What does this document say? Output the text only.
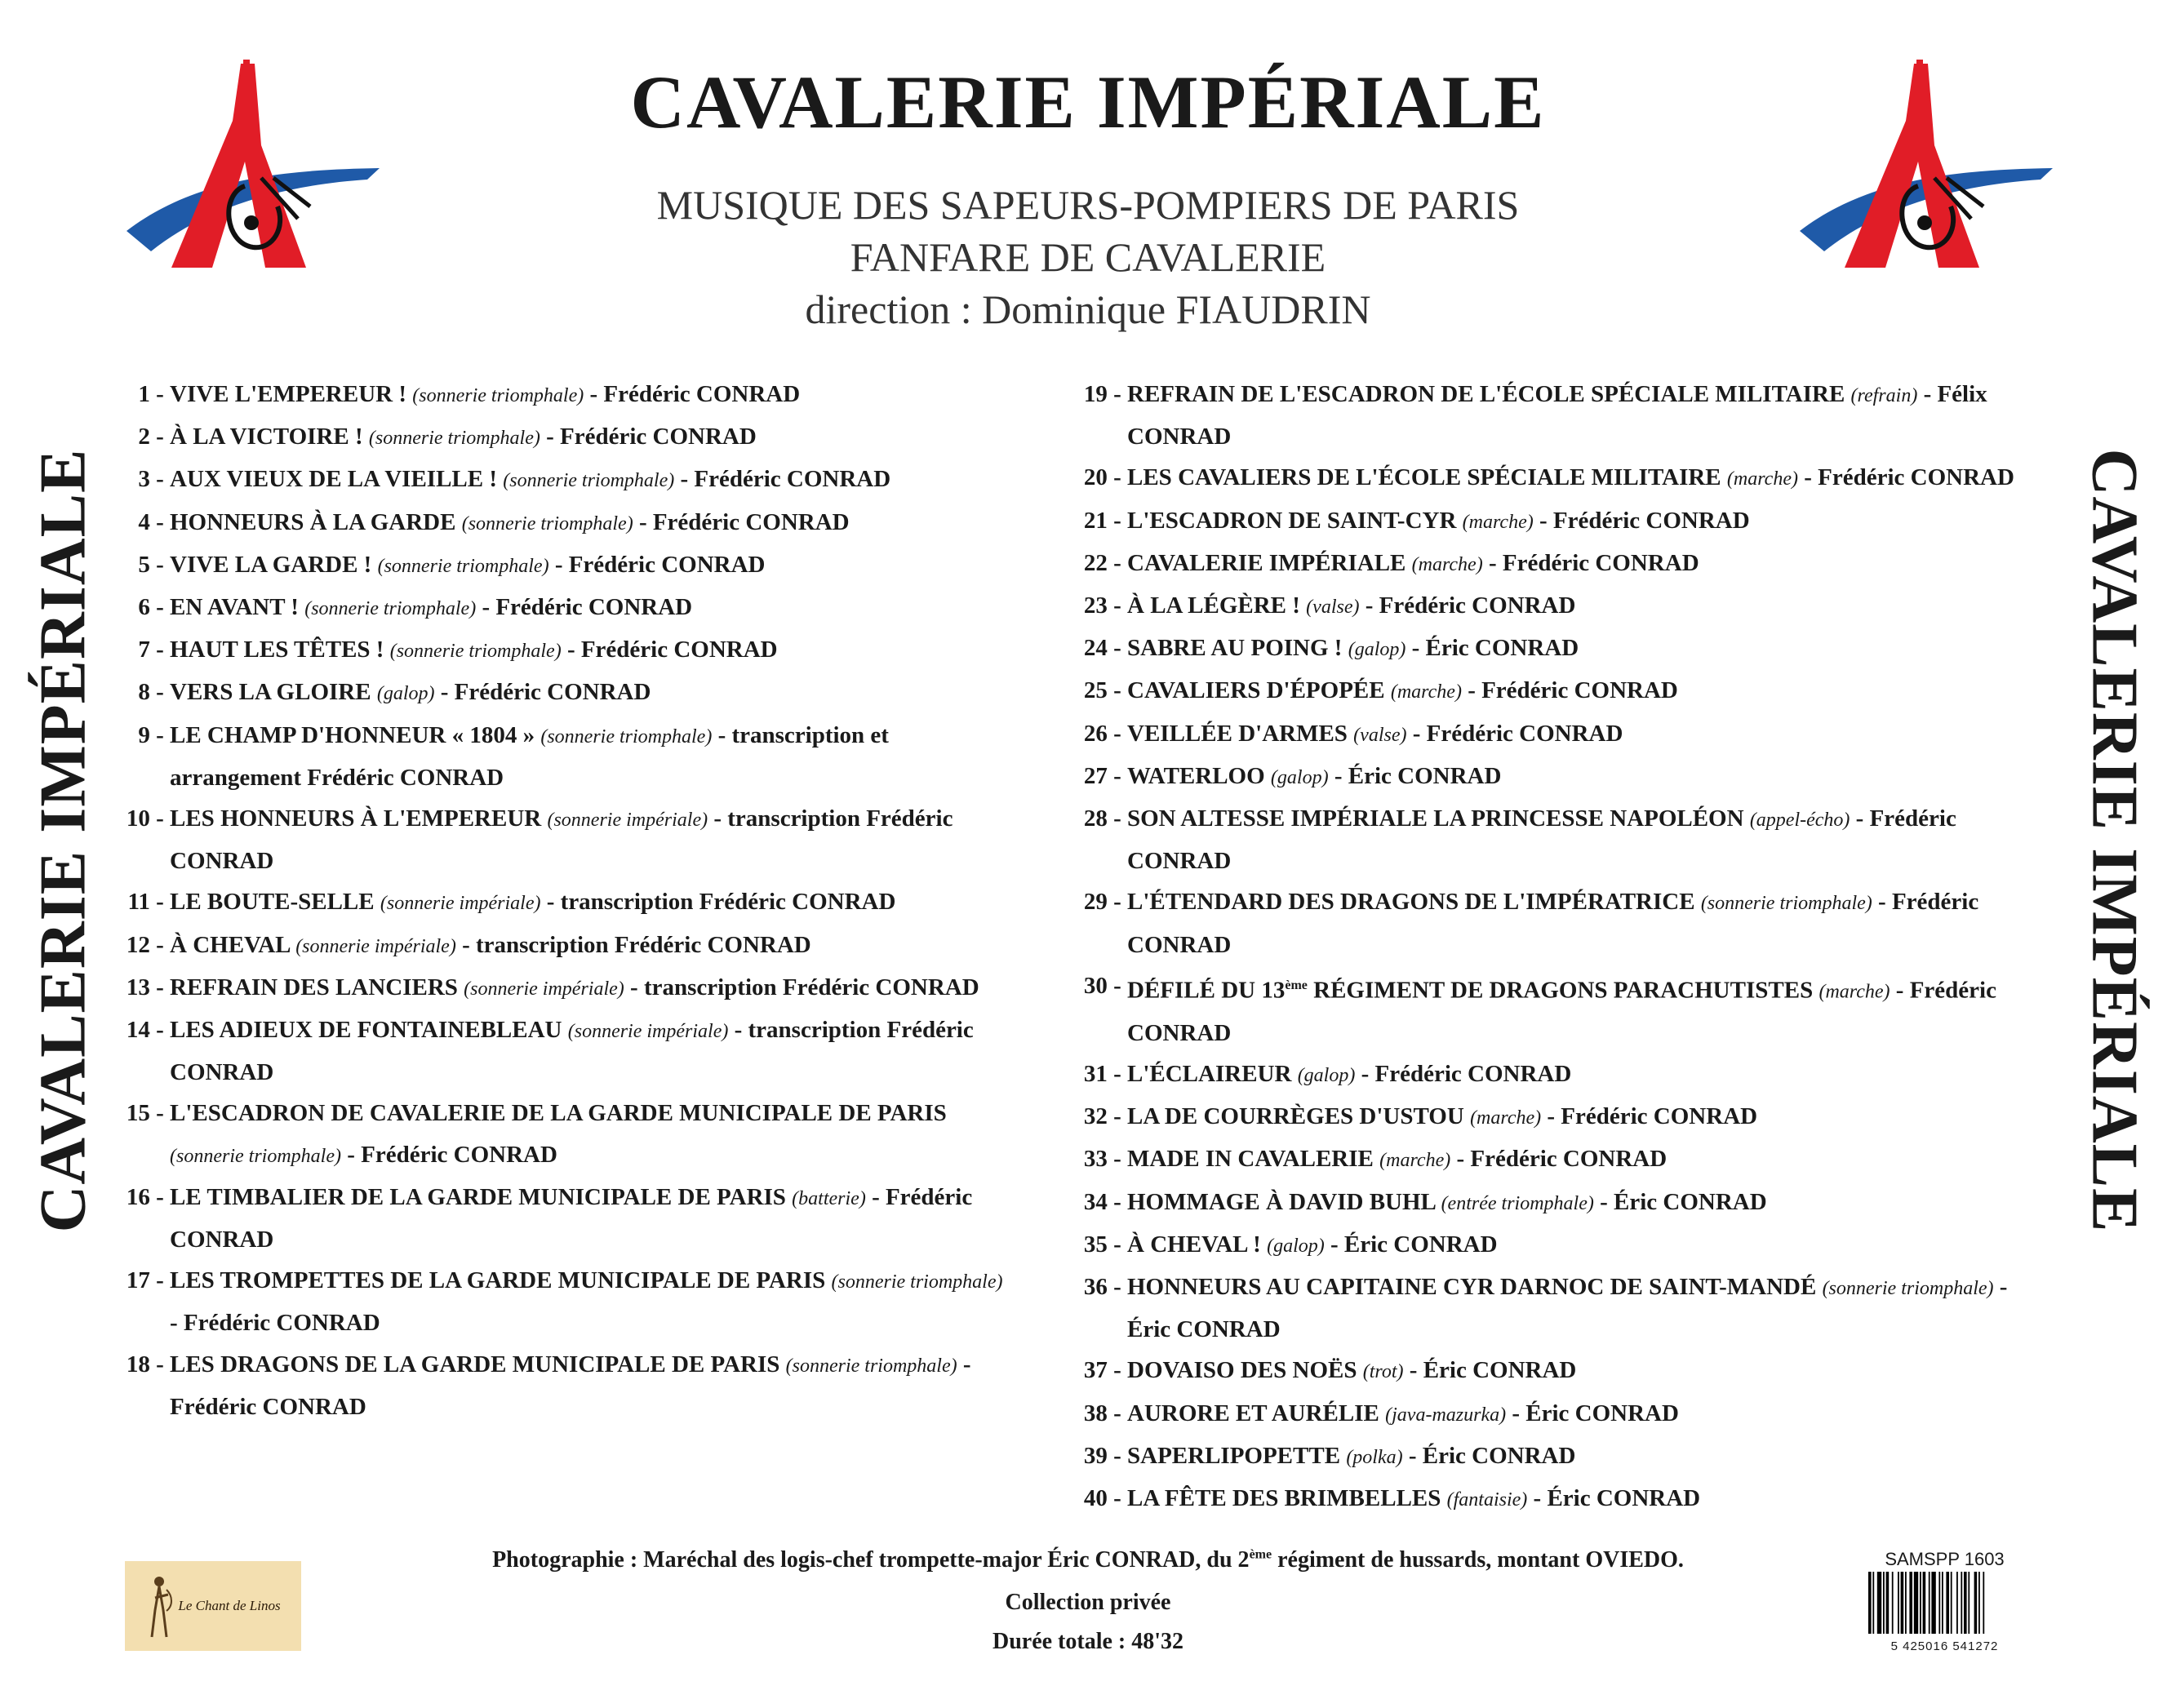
CAVALERIE IMPÉRIALE
MUSIQUE DES SAPEURS-POMPIERS DE PARIS
FANFARE DE CAVALERIE
direction : Dominique FIAUDRIN
CAVALERIE IMPÉRIALE	CAVALERIE IMPÉRIALE
1 - VIVE L'EMPEREUR ! (sonnerie triomphale) - Frédéric CONRAD
2 - À LA VICTOIRE ! (sonnerie triomphale) - Frédéric CONRAD
3 - AUX VIEUX DE LA VIEILLE ! (sonnerie triomphale) - Frédéric CONRAD
4 - HONNEURS À LA GARDE (sonnerie triomphale) - Frédéric CONRAD
5 - VIVE LA GARDE ! (sonnerie triomphale) - Frédéric CONRAD
6 - EN AVANT ! (sonnerie triomphale) - Frédéric CONRAD
7 - HAUT LES TÊTES ! (sonnerie triomphale) - Frédéric CONRAD
8 - VERS LA GLOIRE (galop) - Frédéric CONRAD
9 - LE CHAMP D'HONNEUR « 1804 » (sonnerie triomphale) - transcription et arrangement Frédéric CONRAD
10 - LES HONNEURS À L'EMPEREUR (sonnerie impériale) - transcription Frédéric CONRAD
11 - LE BOUTE-SELLE (sonnerie impériale) - transcription Frédéric CONRAD
12 - À CHEVAL (sonnerie impériale) - transcription Frédéric CONRAD
13 - REFRAIN DES LANCIERS (sonnerie impériale) - transcription Frédéric CONRAD
14 - LES ADIEUX DE FONTAINEBLEAU (sonnerie impériale) - transcription Frédéric CONRAD
15 - L'ESCADRON DE CAVALERIE DE LA GARDE MUNICIPALE DE PARIS (sonnerie triomphale) - Frédéric CONRAD
16 - LE TIMBALIER DE LA GARDE MUNICIPALE DE PARIS (batterie) - Frédéric CONRAD
17 - LES TROMPETTES DE LA GARDE MUNICIPALE DE PARIS (sonnerie triomphale) - Frédéric CONRAD
18 - LES DRAGONS DE LA GARDE MUNICIPALE DE PARIS (sonnerie triomphale) - Frédéric CONRAD
19 - REFRAIN DE L'ESCADRON DE L'ÉCOLE SPÉCIALE MILITAIRE (refrain) - Félix CONRAD
20 - LES CAVALIERS DE L'ÉCOLE SPÉCIALE MILITAIRE (marche) - Frédéric CONRAD
21 - L'ESCADRON DE SAINT-CYR (marche) - Frédéric CONRAD
22 - CAVALERIE IMPÉRIALE (marche) - Frédéric CONRAD
23 - À LA LÉGÈRE ! (valse) - Frédéric CONRAD
24 - SABRE AU POING ! (galop) - Éric CONRAD
25 - CAVALIERS D'ÉPOPÉE (marche) - Frédéric CONRAD
26 - VEILLÉE D'ARMES (valse) - Frédéric CONRAD
27 - WATERLOO (galop) - Éric CONRAD
28 - SON ALTESSE IMPÉRIALE LA PRINCESSE NAPOLÉON (appel-écho) - Frédéric CONRAD
29 - L'ÉTENDARD DES DRAGONS DE L'IMPÉRATRICE (sonnerie triomphale) - Frédéric CONRAD
30 - DÉFILÉ DU 13ème RÉGIMENT DE DRAGONS PARACHUTISTES (marche) - Frédéric CONRAD
31 - L'ÉCLAIREUR (galop) - Frédéric CONRAD
32 - LA DE COURRÈGES D'USTOU (marche) - Frédéric CONRAD
33 - MADE IN CAVALERIE (marche) - Frédéric CONRAD
34 - HOMMAGE À DAVID BUHL (entrée triomphale) - Éric CONRAD
35 - À CHEVAL ! (galop) - Éric CONRAD
36 - HONNEURS AU CAPITAINE CYR DARNOC DE SAINT-MANDÉ (sonnerie triomphale) - Éric CONRAD
37 - DOVAISO DES NOËS (trot) - Éric CONRAD
38 - AURORE ET AURÉLIE (java-mazurka) - Éric CONRAD
39 - SAPERLIPOPETTE (polka) - Éric CONRAD
40 - LA FÊTE DES BRIMBELLES (fantaisie) - Éric CONRAD
Photographie : Maréchal des logis-chef trompette-major Éric CONRAD, du 2ème régiment de hussards, montant OVIEDO.
Collection privée
Durée totale : 48'32
Le Chant de Linos
SAMSPP 1603
5 425016 541272
